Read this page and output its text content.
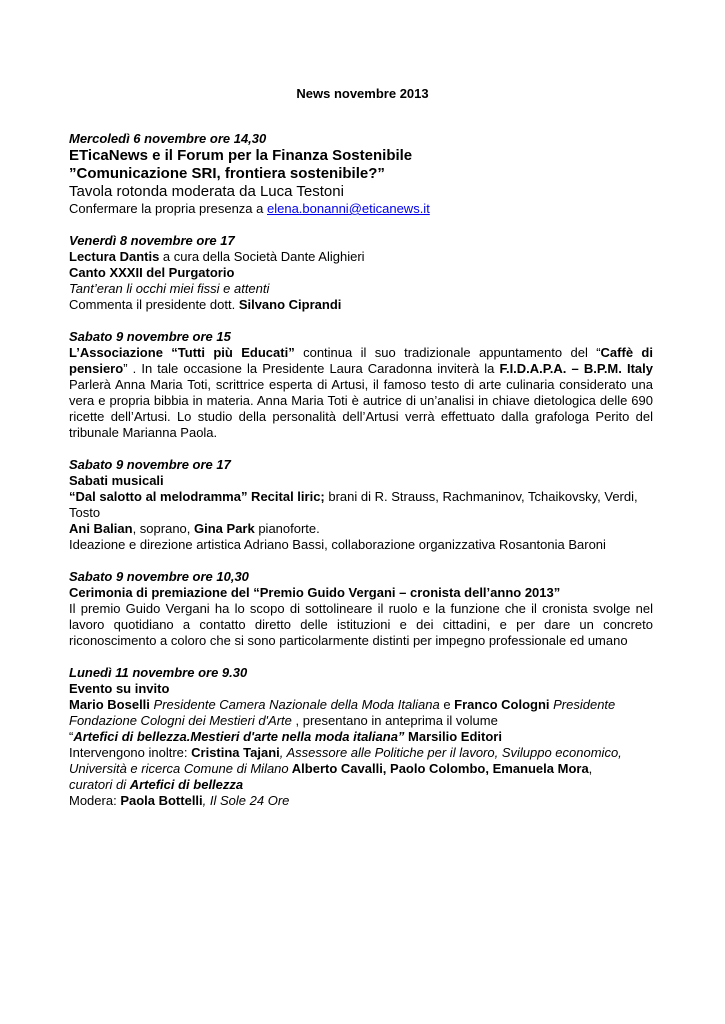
News novembre 2013
Mercoledì 6 novembre ore 14,30
ETicaNews e il Forum per la Finanza Sostenibile
”Comunicazione SRI, frontiera sostenibile?”
Tavola rotonda moderata da Luca Testoni
Confermare la propria presenza a elena.bonanni@eticanews.it
Venerdì 8 novembre ore 17
Lectura Dantis a cura della Società Dante Alighieri
Canto XXXII del Purgatorio
Tant’eran li occhi miei fissi e attenti
Commenta il presidente dott. Silvano Ciprandi
Sabato 9 novembre ore 15
L’Associazione “Tutti più Educati” continua il suo tradizionale appuntamento del “Caffè di pensiero” . In tale occasione la Presidente Laura Caradonna inviterà la F.I.D.A.P.A. – B.P.M. Italy Parlerà Anna Maria Toti, scrittrice esperta di Artusi, il famoso testo di arte culinaria considerato una vera e propria bibbia in materia. Anna Maria Toti è autrice di un’analisi in chiave dietologica delle 690 ricette dell’Artusi. Lo studio della personalità dell’Artusi verrà effettuato dalla grafologa Perito del tribunale Marianna Paola.
Sabato 9 novembre ore 17
Sabati musicali
“Dal salotto al melodramma” Recital liric; brani di R. Strauss, Rachmaninov, Tchaikovsky, Verdi, Tosto
Ani Balian, soprano, Gina Park pianoforte.
Ideazione e direzione artistica Adriano Bassi, collaborazione organizzativa Rosantonia Baroni
Sabato 9 novembre ore 10,30
Cerimonia di premiazione del “Premio Guido Vergani – cronista dell’anno 2013”
Il premio Guido Vergani ha lo scopo di sottolineare il ruolo e la funzione che il cronista svolge nel lavoro quotidiano a contatto diretto delle istituzioni e dei cittadini, e per dare un concreto riconoscimento a coloro che si sono particolarmente distinti per impegno professionale ed umano
Lunedì 11 novembre ore 9.30
Evento su invito
Mario Boselli Presidente Camera Nazionale della Moda Italiana e Franco Cologni Presidente Fondazione Cologni dei Mestieri d'Arte , presentano in anteprima il volume
“Artefici di bellezza.Mestieri d'arte nella moda italiana” Marsilio Editori
Intervengono inoltre: Cristina Tajani, Assessore alle Politiche per il lavoro, Sviluppo economico, Università e ricerca Comune di Milano Alberto Cavalli, Paolo Colombo, Emanuela Mora,
curatori di Artefici di bellezza
Modera: Paola Bottelli, Il Sole 24 Ore
